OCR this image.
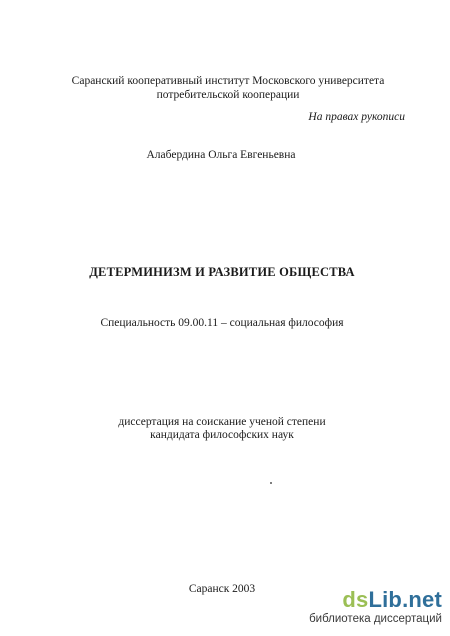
Саранский кооперативный институт Московского университета
потребительской кооперации
На правах рукописи
Алабердина Ольга Евгеньевна
ДЕТЕРМИНИЗМ И РАЗВИТИЕ ОБЩЕСТВА
Специальность 09.00.11 – социальная философия
диссертация на соискание ученой степени
кандидата философских наук
Саранск 2003	dsLib.net
библиотека диссертаций
